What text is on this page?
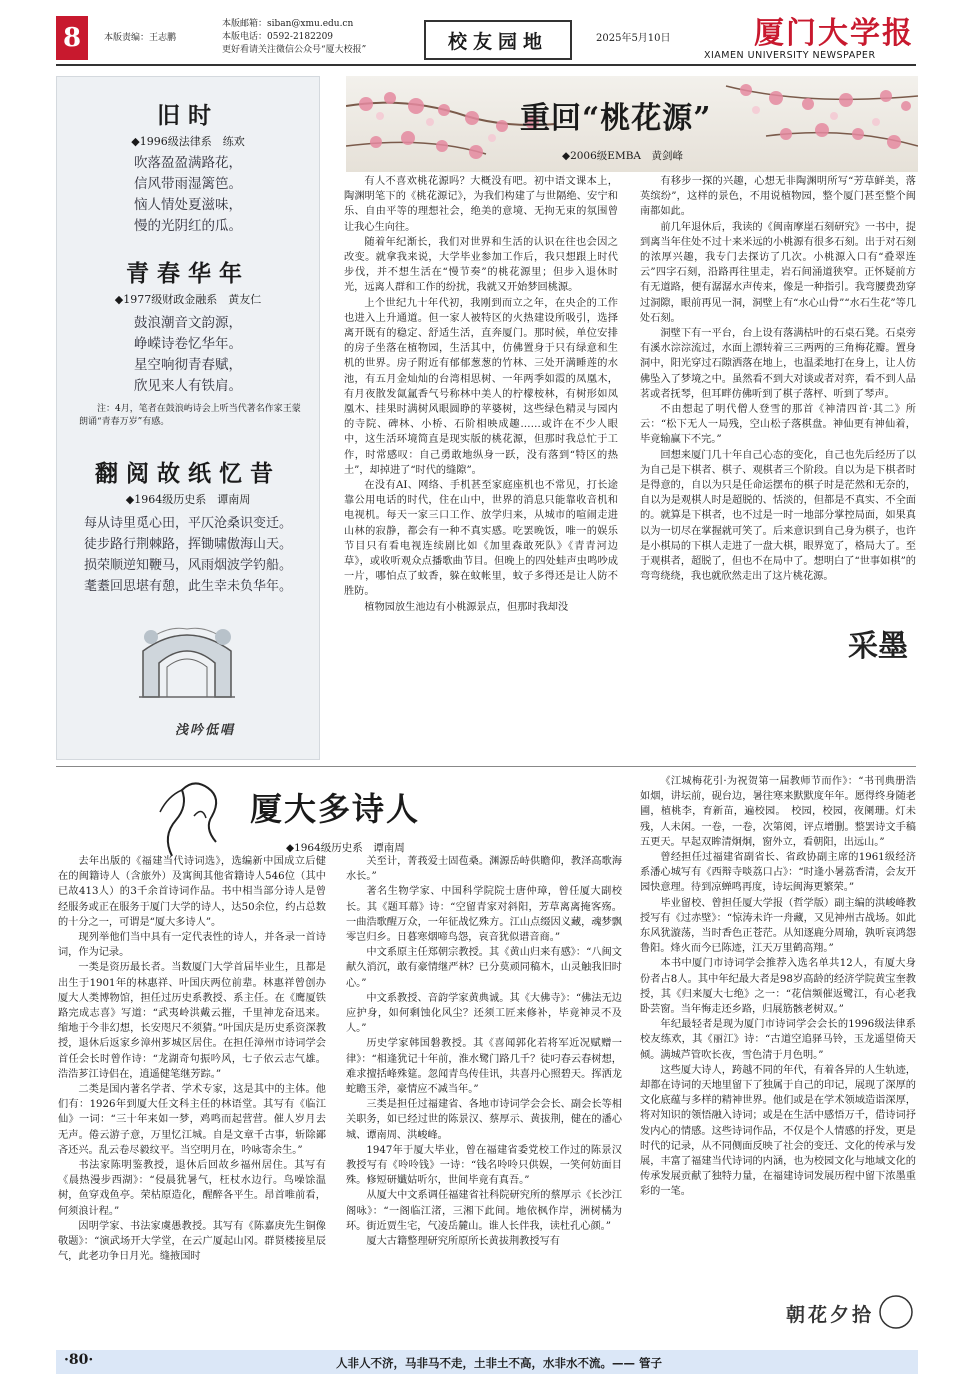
8	本版责编：王志鹏
本版邮箱：siban@xmu.edu.cn
本版电话：0592-2182209
更好看请关注微信公众号“厦大校报”	校友园地	2025年5月10日	厦门大学报
XIAMEN UNIVERSITY NEWSPAPER
旧时
◆1996级法律系　练欢
吹落盈盈满路花，
信风带雨湿篱笆。
恼人情处夏滋味，
慢的光阴红的瓜。
青春华年
◆1977级财政金融系　黄友仁
鼓浪潮音文韵源，
峥嵘诗卷忆华年。
星空响彻青春赋，
欣见来人有铁肩。
注：4月，笔者在鼓浪屿诗会上听当代著名作家王蒙朗诵“青春万岁”有感。
翻阅故纸忆昔
◆1964级历史系　谭南周
每从诗里觅心田，平仄沧桑识变迁。
徒步路行荆棘路，挥锄啸傲海山天。
损荣顺逆知鞭马，风雨烟波学钓船。
耄耋回思堪有憩，此生幸未负华年。
浅吟低唱
重回“桃花源”
◆2006级EMBA　黄剑峰

有人不喜欢桃花源吗？大概没有吧。初中语文课本上，陶渊明笔下的《桃花源记》，为我们构建了与世隔绝、安宁和乐、自由平等的理想社会，绝美的意境、无拘无束的氛围曾让我心生向往。

随着年纪渐长，我们对世界和生活的认识在往也会因之改变。就拿我来说，大学毕业参加工作后，我只想跟上时代步伐，并不想生活在“慢节奏”的桃花源里；但步入退休时光，远离人群和工作的纷扰，我就又开始梦回桃源。

上个世纪九十年代初，我刚到而立之年，在央企的工作也进入上升通道。但一家人被特区的火热建设所吸引，选择离开既有的稳定、舒适生活，直奔厦门。那时候，单位安排的房子坐落在植物园，生活其中，仿佛置身于只有绿意和生机的世界。房子附近有郁郁葱葱的竹林、三处开满睡莲的水池，有五月金灿灿的台湾相思树、一年两季如霞的凤凰木，有月夜散发氤氲香气号称林中美人的柠檬桉林，有树形如凤凰木、挂果时满树风眼圆睁的苹婆树，这些绿色精灵与园内的寺院、碑林、小桥、石阶相映成趣……或许在不少人眼中，这生活环境简直是现实版的桃花源，但那时我总忙于工作，时常感叹：自己勇敢地纵身一跃，没有落到“特区的热土”，却掉进了“时代的缝隙”。

在没有AI、网络、手机甚至家庭座机也不常见，打长途靠公用电话的时代，住在山中，世界的消息只能靠收音机和电视机。每天一家三口工作、放学归来，从城市的喧闹走进山林的寂静，都会有一种不真实感。吃罢晚饭，唯一的娱乐节目只有看电视连续剧比如《加里森敢死队》《青青河边草》，或收听观众点播歌曲节目。但晚上的四处蛙声虫鸣吵成一片，哪怕点了蚊香，躲在蚊帐里，蚊子多得还是让人防不胜防。

植物园放生池边有小桃源景点，但那时我却没

有移步一探的兴趣，心想无非陶渊明所写“芳草鲜美，落英缤纷”，这样的景色，不用说植物园，整个厦门甚至整个闽南都如此。

前几年退休后，我读的《闽南摩崖石刻研究》一书中，提到离当年住处不过十来米远的小桃源有很多石刻。出于对石刻的浓厚兴趣，我专门去探访了几次。小桃源入口有“叠翠连云”四字石刻，沿路再往里走，岩石间涌道狭窄。正怀疑前方有无道路，便有潺潺水声传来，像是一种指引。我弯腰费劲穿过洞隙，眼前再见一洞，洞壁上有“水心山骨”“水石生花”等几处石刻。

洞壁下有一平台，台上设有落满枯叶的石桌石凳。石桌旁有溪水淙淙流过，水面上漂转着三三两两的三角梅花瓣。置身洞中，阳光穿过石隙洒落在地上，也温柔地打在身上，让人仿佛坠入了梦境之中。虽然看不到大对谈或者对弈，看不到人品茗或者抚琴，但耳畔仿佛听到了棋子落枰、听到了琴声。

不由想起了明代僧人登雪的那首《神清四首·其二》所云：“松下无人一局残，空山松子落棋盘。神仙更有神仙着，毕竟输赢下不完。”

回想来厦门几十年自己心态的变化，自己也先后经历了以为自己是下棋者、棋子、观棋者三个阶段。自以为是下棋者时是得意的，自以为只是任命运摆布的棋子时是茫然和无奈的，自以为是观棋人时是超脱的、恬淡的，但都是不真实、不全面的。就算是下棋者，也不过是一时一地部分掌控局面，如果真以为一切尽在掌握就可笑了。后来意识到自己身为棋子，也许是小棋局的下棋人走进了一盘大棋，眼界宽了，格局大了。至于观棋者，超脱了，但也不在局中了。想明白了“世事如棋”的弯弯绕绕，我也就欣然走出了这片桃花源。

采墨
厦大多诗人
◆1964级历史系　谭南周

去年出版的《福建当代诗词选》，选编新中国成立后健在的闽籍诗人（含旅外）及寓闽其他省籍诗人546位（其中已故413人）的3千余首诗词作品。书中相当部分诗人是曾经服务或正在服务于厦门大学的诗人，达50余位，约占总数的十分之一，可谓是“厦大多诗人”。

现列举他们当中具有一定代表性的诗人，并各录一首诗词，作为记录。

一类是资历最长者。当数厦门大学首届毕业生，且都是出生于1901年的林惠祥、叶国庆两位前辈。林惠祥曾创办厦大人类博物馆，担任过历史系教授、系主任。在《鹰厦铁路完成志喜》写道：“武夷岭洪戴云摧，千里神龙奋迅来。缩地于今非幻想，长安咫尺不须猜。”叶国庆是历史系资深教授，退休后返家乡漳州芗城区居住。在担任漳州市诗词学会首任会长时曾作诗：“龙湖奇句振吟风，七子依云志气雄。浩浩芗江诗侣在，逍遥健笔继芳踪。”

二类是国内著名学者、学术专家，这是其中的主体。他们有：1926年到厦大任文科主任的林语堂。其写有《临江仙》一词：“三十年来如一梦，鸡鸣而起营营。催人岁月去无声。倦云游子意，万里忆江城。自是文章千古事，斩除鄙吝还兴。乱云卷尽毅纹平。当空明月在，吟咏寄余生。”

书法家陈明鉴教授，退休后回故乡福州居住。其写有《晨热漫步西湖》：“侵晨犹暑气，枉杖水边行。鸟噪馀温树，鱼穿戏鱼亭。荣枯原造化，醒醉各平生。昂首唯前看，何须浪计程。”

因明学家、书法家虞愚教授。其写有《陈嘉庚先生铜像敬题》：“演武场开大学堂，在云广厦起山冈。群贤楼接星辰气，此老功争日月光。缝掖国时

关至计，菁莪爱士固苞桑。渊源岳峙供瞻仰，教泽高歌海水长。”

著名生物学家、中国科学院院士唐仲璋，曾任厦大副校长。其《题耳幕》诗：“空留青家对斜阳，芳草离离掩客殇。一曲浩歌醒万众，一年征战忆殊方。江山点缀因义藏，魂梦飘零岂归乡。日暮寒烟啼鸟怨，哀音犹似谱音商。”

中文系原主任郑朝宗教授。其《黄山归来有感》：“八闽文献久消沉，敢有豪情继严林？已分莫顽同稿木，山灵触我旧时心。”

中文系教授、音韵学家黄典诚。其《大佛寺》：“佛法无边应护身，如何剩蚀化风尘？还须工匠来修补，毕竟神灵不及人。”

历史学家韩国磐教授。其《喜闻郭化若将军近况赋赠一律》：“相逢犹记十年前，淮水鹭门路几千？徒叼春云春树想，难求擅括峰殊筵。忽闻青鸟传佳讯，共喜丹心照碧天。挥洒龙蛇瞻玉斧，豪情应不减当年。”

三类是担任过福建省、各地市诗词学会会长、副会长等相关职务，如已经过世的陈景汉、蔡厚示、黄拔荆，健在的潘心城、谭南周、洪峻峰。

1947年于厦大毕业，曾在福建省委党校工作过的陈景汉教授写有《呤呤钱》一诗：“钱名呤呤只供娱，一笑何妨面目殊。修短研孅姑听尔，世间毕竟有真吾。”

从厦大中文系调任福建省社科院研究所的蔡厚示《长沙江阁咏》：“一阁临江渚，三湘下此间。地依枫作岸，洲树橘为环。街近贾生宅，气凌岳麓山。谁人长伴我，读杜孔心颜。”

厦大古籍整理研究所原所长黄拔荆教授写有

《江城梅花引·为祝贺第一届教师节而作》：“书刊典册浩如烟，讲坛前，砚台边，暑往寒来默默度年年。愿得终身随老圃，植桃李，育新苗，遍校园。　校园，校园，夜阑珊。灯未残，人未闲。一卷，一卷，次第阅，评点增删。整罢诗文手稿五更天。早起双眸清炯炯，窗外立，看朝阳，出远山。”

曾经担任过福建省副省长、省政协副主席的1961级经济系潘心城写有《西辩寺啖荔口占》：“时逢小暑荔香清，会友开园快意理。待到凉蝉鸣再度，诗坛闽海更繁荣。”

毕业留校、曾担任厦大学报（哲学版）副主编的洪峻峰教授写有《过赤壁》：“惊涛未许一舟藏，又见神州古战场。如此东风犹漩荡，当时香色正苍茫。从知逐鹿分周瑜，孰听哀鸿怨鲁阳。烽火而今已陈迹，江天万里鹤高翔。”

本书中厦门市诗词学会推荐入选名单共12人，有厦大身份者占8人。其中年纪最大者是98岁高龄的经济学院黄宝奎教授，其《归来厦大七绝》之一：“花信频催返鹭江，有心老我卧芸窗。当年悔走还乡路，归展筋骸老树双。”

年纪最轻者是现为厦门市诗词学会会长的1996级法律系校友练欢，其《丽江》诗：“古道空追驿马铃，玉龙遥望倚天倾。满城芦管吹长夜，雪色清于月色明。”

这些厦大诗人，跨越不同的年代，有着各异的人生轨迹，却都在诗词的天地里留下了独属于自己的印记，展现了深厚的文化底蕴与多样的精神世界。他们或是在学术领域造诣深厚，将对知识的领悟融入诗词；或是在生活中感悟万千，借诗词抒发内心的情感。这些诗词作品，不仅是个人情感的抒发，更是时代的记录，从不同侧面反映了社会的变迁、文化的传承与发展，丰富了福建当代诗词的内涵，也为校园文化与地域文化的传承发展贡献了独特力量，在福建诗词发展历程中留下浓墨重彩的一笔。

朝花夕拾
·80·	人非人不济，马非马不走，土非土不高，水非水不流。—— 管子
